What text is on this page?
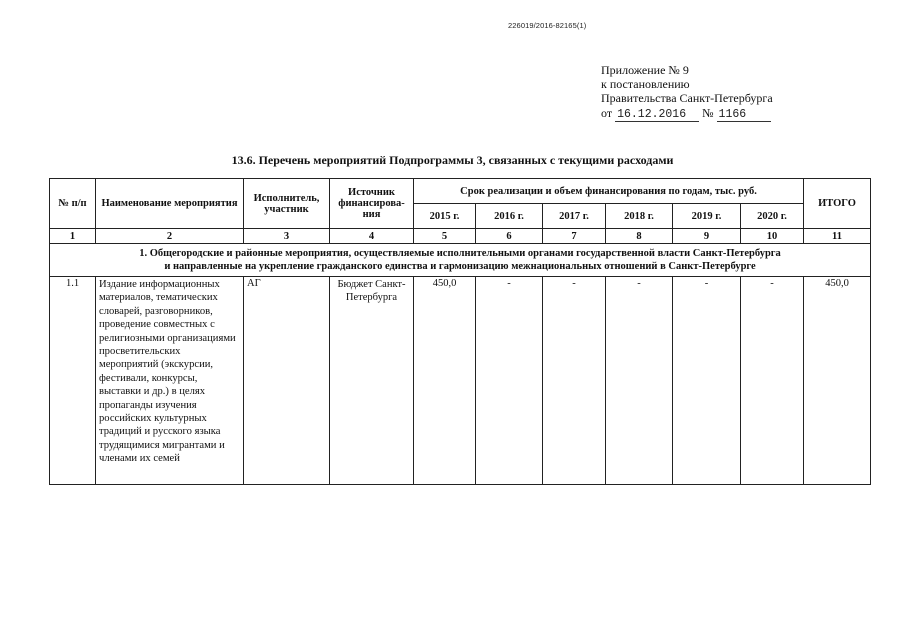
226019/2016-82165(1)
Приложение № 9
к постановлению
Правительства Санкт-Петербурга
от 16.12.2016 № 1166
13.6. Перечень мероприятий Подпрограммы 3, связанных с текущими расходами
№ п/п	Наименование мероприятия	Исполнитель, участник	Источник финансирова-ния	Срок реализации и объем финансирования по годам, тыс. руб.						ИТОГО
				2015 г.	2016 г.	2017 г.	2018 г.	2019 г.	2020 г.	
1	2	3	4	5	6	7	8	9	10	11
1. Общегородские и районные мероприятия, осуществляемые исполнительными органами государственной власти Санкт-Петербурга
и направленные на укрепление гражданского единства и гармонизацию межнациональных отношений в Санкт-Петербурге										
1.1	Издание информационных материалов, тематических словарей, разговорников, проведение совместных с религиозными организациями просветительских мероприятий (экскурсии, фестивали, конкурсы, выставки и др.) в целях пропаганды изучения российских культурных традиций и русского языка трудящимися мигрантами и членами их семей	АГ	Бюджет Санкт-Петербурга	450,0	-	-	-	-	-	450,0
